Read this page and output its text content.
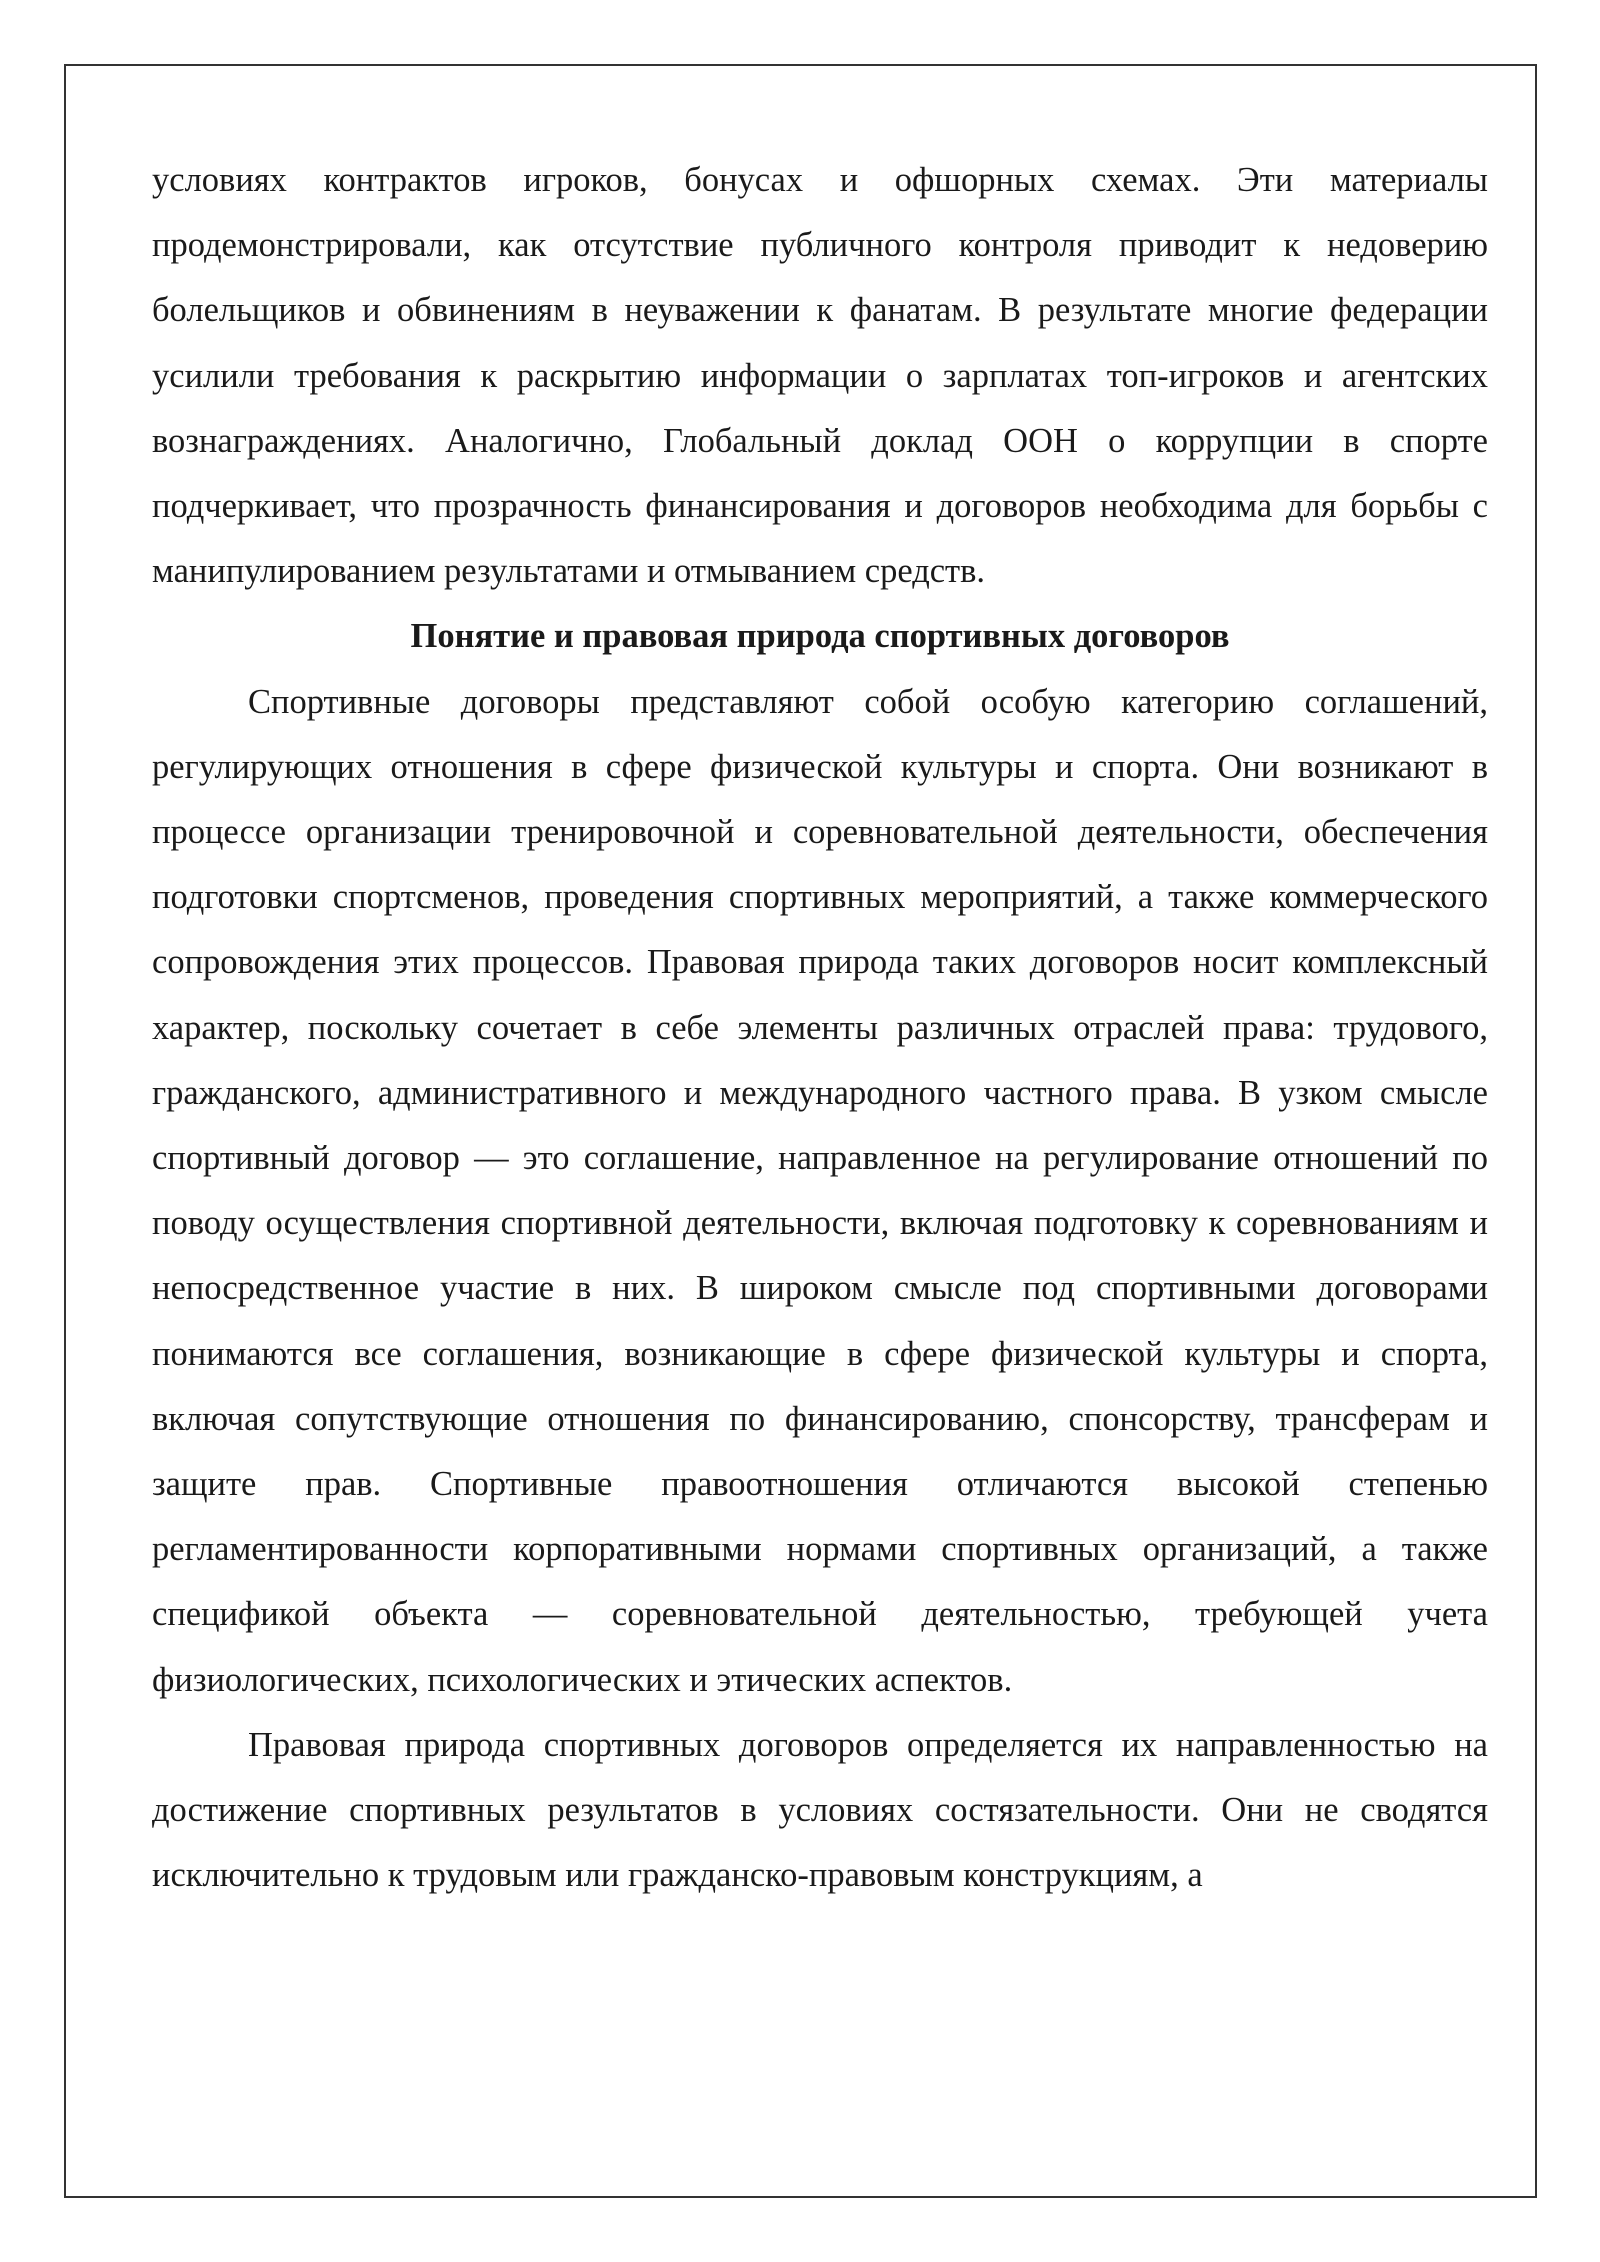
условиях контрактов игроков, бонусах и офшорных схемах. Эти материалы продемонстрировали, как отсутствие публичного контроля приводит к недоверию болельщиков и обвинениям в неуважении к фанатам. В результате многие федерации усилили требования к раскрытию информации о зарплатах топ-игроков и агентских вознаграждениях. Аналогично, Глобальный доклад ООН о коррупции в спорте подчеркивает, что прозрачность финансирования и договоров необходима для борьбы с манипулированием результатами и отмыванием средств.

Понятие и правовая природа спортивных договоров

Спортивные договоры представляют собой особую категорию соглашений, регулирующих отношения в сфере физической культуры и спорта. Они возникают в процессе организации тренировочной и соревновательной деятельности, обеспечения подготовки спортсменов, проведения спортивных мероприятий, а также коммерческого сопровождения этих процессов. Правовая природа таких договоров носит комплексный характер, поскольку сочетает в себе элементы различных отраслей права: трудового, гражданского, административного и международного частного права. В узком смысле спортивный договор — это соглашение, направленное на регулирование отношений по поводу осуществления спортивной деятельности, включая подготовку к соревнованиям и непосредственное участие в них. В широком смысле под спортивными договорами понимаются все соглашения, возникающие в сфере физической культуры и спорта, включая сопутствующие отношения по финансированию, спонсорству, трансферам и защите прав. Спортивные правоотношения отличаются высокой степенью регламентированности корпоративными нормами спортивных организаций, а также спецификой объекта — соревновательной деятельностью, требующей учета физиологических, психологических и этических аспектов.

Правовая природа спортивных договоров определяется их направленностью на достижение спортивных результатов в условиях состязательности. Они не сводятся исключительно к трудовым или гражданско-правовым конструкциям, а
